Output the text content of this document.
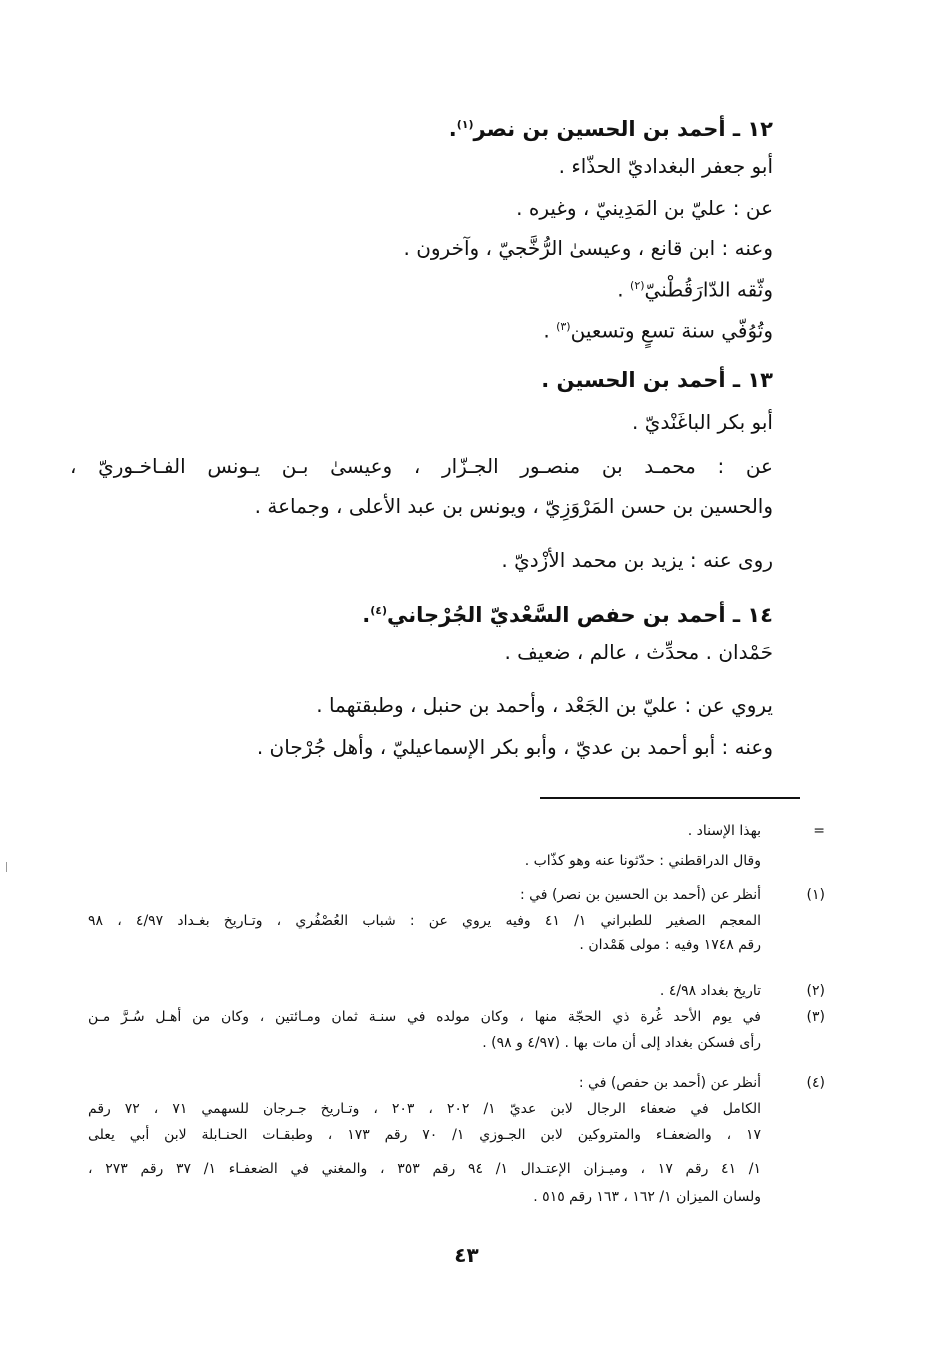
١٢ ـ أحمد بن الحسين بن نصر$^{(١)}$.
أبو جعفر البغداديّ الحذّاء .
عن : عليّ بن المَدِينيّ ، وغيره .
وعنه : ابن قانع ، وعيسىٰ الرُّخَّجيّ ، وآخرون .
وثّقه الدّارَقُطْنيّ$^{(٢)}$ .
وتُوُفّي سنة تسعٍ وتسعين$^{(٣)}$ .
١٣ ـ أحمد بن الحسين .
أبو بكر الباغَنْديّ .
عن : محمـد بن منصـور الجـزّار ، وعيسىٰ بـن يـونس الفـاخـوريّ ،
والحسين بن حسن المَرْوَزِيّ ، ويونس بن عبد الأعلى ، وجماعة .
روى عنه : يزيد بن محمد الأزْديّ .
١٤ ـ أحمد بن حفص السَّعْديّ الجُرْجاني$^{(٤)}$.
حَمْدان . محدِّث ، عالم ، ضعيف .
يروي عن : عليّ بن الجَعْد ، وأحمد بن حنبل ، وطبقتهما .
وعنه : أبو أحمد بن عديّ ، وأبو بكر الإسماعيليّ ، وأهل جُرْجان .
=
بهذا الإسناد .
وقال الدراقطني : حدّثونا عنه وهو كذّاب .
(١)
أنظر عن (أحمد بن الحسين بن نصر) في :
المعجم الصغير للطبراني ١/ ٤١ وفيه يروي عن : شباب العُصْفُري ، وتـاريخ بغـداد ٤/٩٧ ، ٩٨
رقم ١٧٤٨ وفيه : مولى هَمْدان .
(٢)
تاريخ بغداد ٤/٩٨ .
(٣)
في يوم الأحد غُرة ذي الحجّة منها ، وكان مولده في سنـة ثمان ومـائتين ، وكان من أهـل سُـرَّ مـن
رأى فسكن بغداد إلى أن مات بها . (٤/٩٧ و ٩٨) .
(٤)
أنظر عن (أحمد بن حفص) في :
الكامل في ضعفاء الرجال لابن عديّ ١/ ٢٠٢ ، ٢٠٣ ، وتـاريخ جـرجان للسهمي ٧١ ، ٧٢ رقم
١٧ ، والضعفـاء والمتروكين لابن الجـوزي ١/ ٧٠ رقم ١٧٣ ، وطبقـات الحنـابلة لابن أبي يعلى
١/ ٤١ رقم ١٧ ، وميـزان الإعتـدال ١/ ٩٤ رقم ٣٥٣ ، والمغني في الضعفـاء ١/ ٣٧ رقم ٢٧٣ ،
ولسان الميزان ١/ ١٦٢ ، ١٦٣ رقم ٥١٥ .
٤٣
